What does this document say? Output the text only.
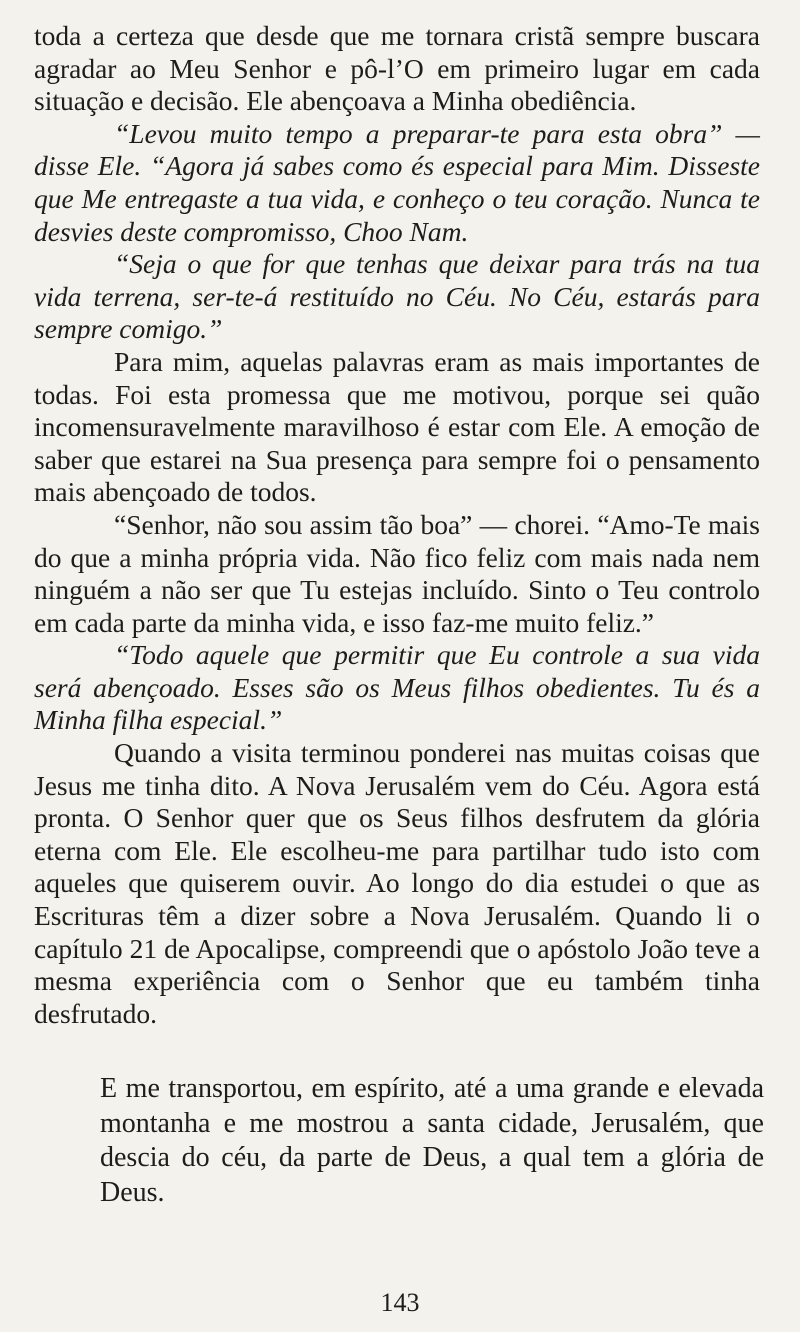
toda a certeza que desde que me tornara cristã sempre buscara agradar ao Meu Senhor e pô-l’O em primeiro lugar em cada situação e decisão. Ele abençoava a Minha obediência.

“Levou muito tempo a preparar-te para esta obra” — disse Ele. “Agora já sabes como és especial para Mim. Disseste que Me entregaste a tua vida, e conheço o teu coração. Nunca te desvies deste compromisso, Choo Nam.

“Seja o que for que tenhas que deixar para trás na tua vida terrena, ser-te-á restituído no Céu. No Céu, estarás para sempre comigo.”

Para mim, aquelas palavras eram as mais importantes de todas. Foi esta promessa que me motivou, porque sei quão incomensuravelmente maravilhoso é estar com Ele. A emoção de saber que estarei na Sua presença para sempre foi o pensamento mais abençoado de todos.

“Senhor, não sou assim tão boa” — chorei. “Amo-Te mais do que a minha própria vida. Não fico feliz com mais nada nem ninguém a não ser que Tu estejas incluído. Sinto o Teu controlo em cada parte da minha vida, e isso faz-me muito feliz.”

“Todo aquele que permitir que Eu controle a sua vida será abençoado. Esses são os Meus filhos obedientes. Tu és a Minha filha especial.”

Quando a visita terminou ponderei nas muitas coisas que Jesus me tinha dito. A Nova Jerusalém vem do Céu. Agora está pronta. O Senhor quer que os Seus filhos desfrutem da glória eterna com Ele. Ele escolheu-me para partilhar tudo isto com aqueles que quiserem ouvir. Ao longo do dia estudei o que as Escrituras têm a dizer sobre a Nova Jerusalém. Quando li o capítulo 21 de Apocalipse, compreendi que o apóstolo João teve a mesma experiência com o Senhor que eu também tinha desfrutado.

E me transportou, em espírito, até a uma grande e elevada montanha e me mostrou a santa cidade, Jerusalém, que descia do céu, da parte de Deus, a qual tem a glória de Deus.

143
